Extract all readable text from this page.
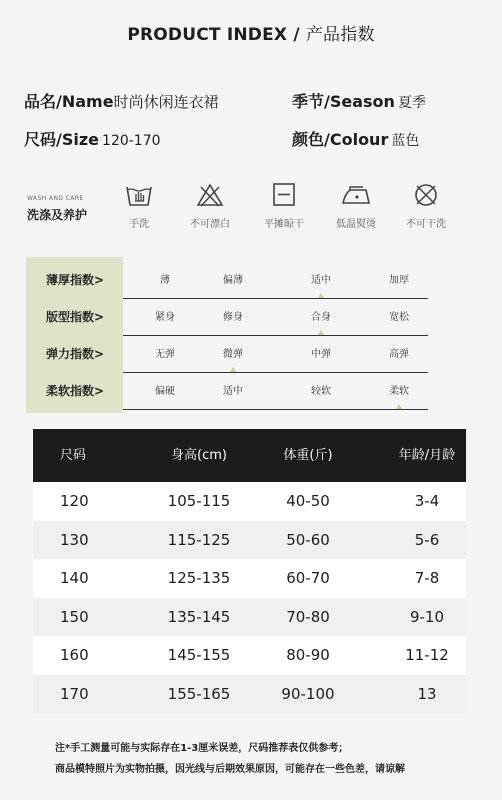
PRODUCT INDEX / 产品指数
品名/Name时尚休闲连衣裙	季节/Season 夏季
尺码/Size 120-170	颜色/Colour 蓝色
WASH AND CARE
洗涤及养护
手洗	不可漂白	平摊晾干	低温熨烫	不可干洗
薄厚指数>	薄	偏薄	适中	加厚
版型指数>	紧身	修身	合身	宽松
弹力指数>	无弹	微弹	中弹	高弹
柔软指数>	偏硬	适中	较软	柔软
尺码	身高(cm)	体重(斤)	年龄/月龄
120	105-115	40-50	3-4
130	115-125	50-60	5-6
140	125-135	60-70	7-8
150	135-145	70-80	9-10
160	145-155	80-90	11-12
170	155-165	90-100	13
注*手工测量可能与实际存在1-3厘米误差，尺码推荐表仅供参考；
商品模特照片为实物拍摄，因光线与后期效果原因，可能存在一些色差，请谅解
